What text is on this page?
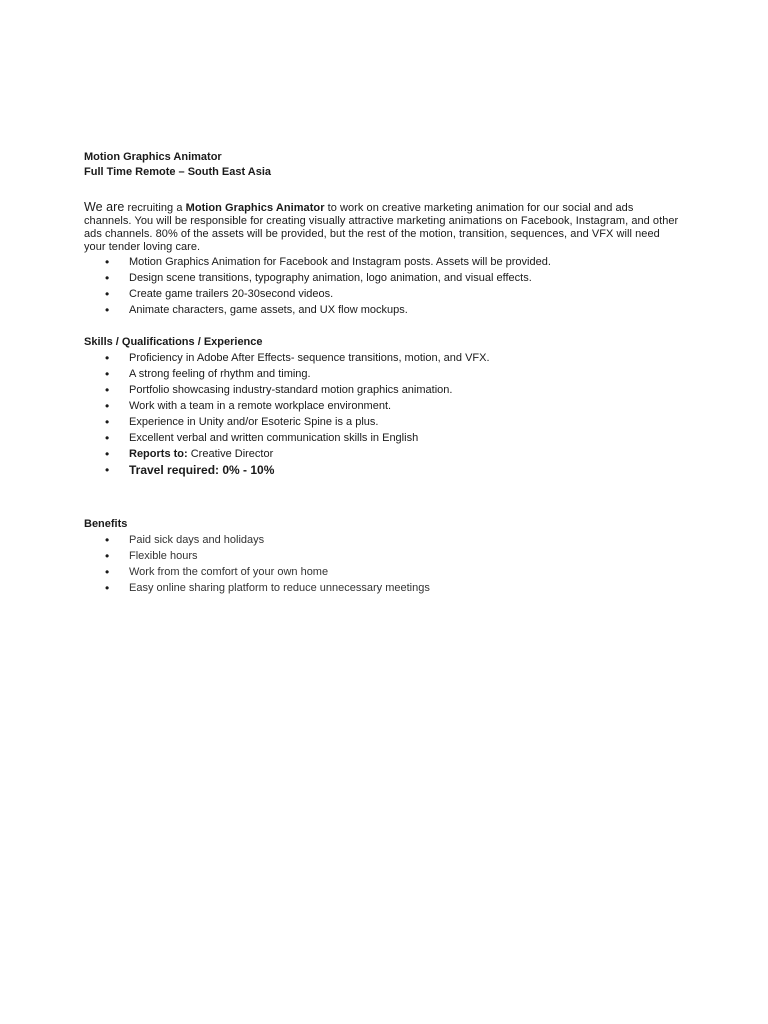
Motion Graphics Animator

Full Time Remote – South East Asia

We are recruiting a Motion Graphics Animator to work on creative marketing animation for our social and ads channels. You will be responsible for creating visually attractive marketing animations on Facebook, Instagram, and other ads channels. 80% of the assets will be provided, but the rest of the motion, transition, sequences, and VFX will need your tender loving care.
• Motion Graphics Animation for Facebook and Instagram posts. Assets will be provided.
• Design scene transitions, typography animation, logo animation, and visual effects.
• Create game trailers 20-30second videos.
• Animate characters, game assets, and UX flow mockups.

Skills / Qualifications / Experience

• Proficiency in Adobe After Effects- sequence transitions, motion, and VFX.
• A strong feeling of rhythm and timing.
• Portfolio showcasing industry-standard motion graphics animation.
• Work with a team in a remote workplace environment.
• Experience in Unity and/or Esoteric Spine is a plus.
• Excellent verbal and written communication skills in English
• Reports to: Creative Director
• Travel required: 0% - 10%

Benefits

• Paid sick days and holidays
• Flexible hours
• Work from the comfort of your own home
• Easy online sharing platform to reduce unnecessary meetings
